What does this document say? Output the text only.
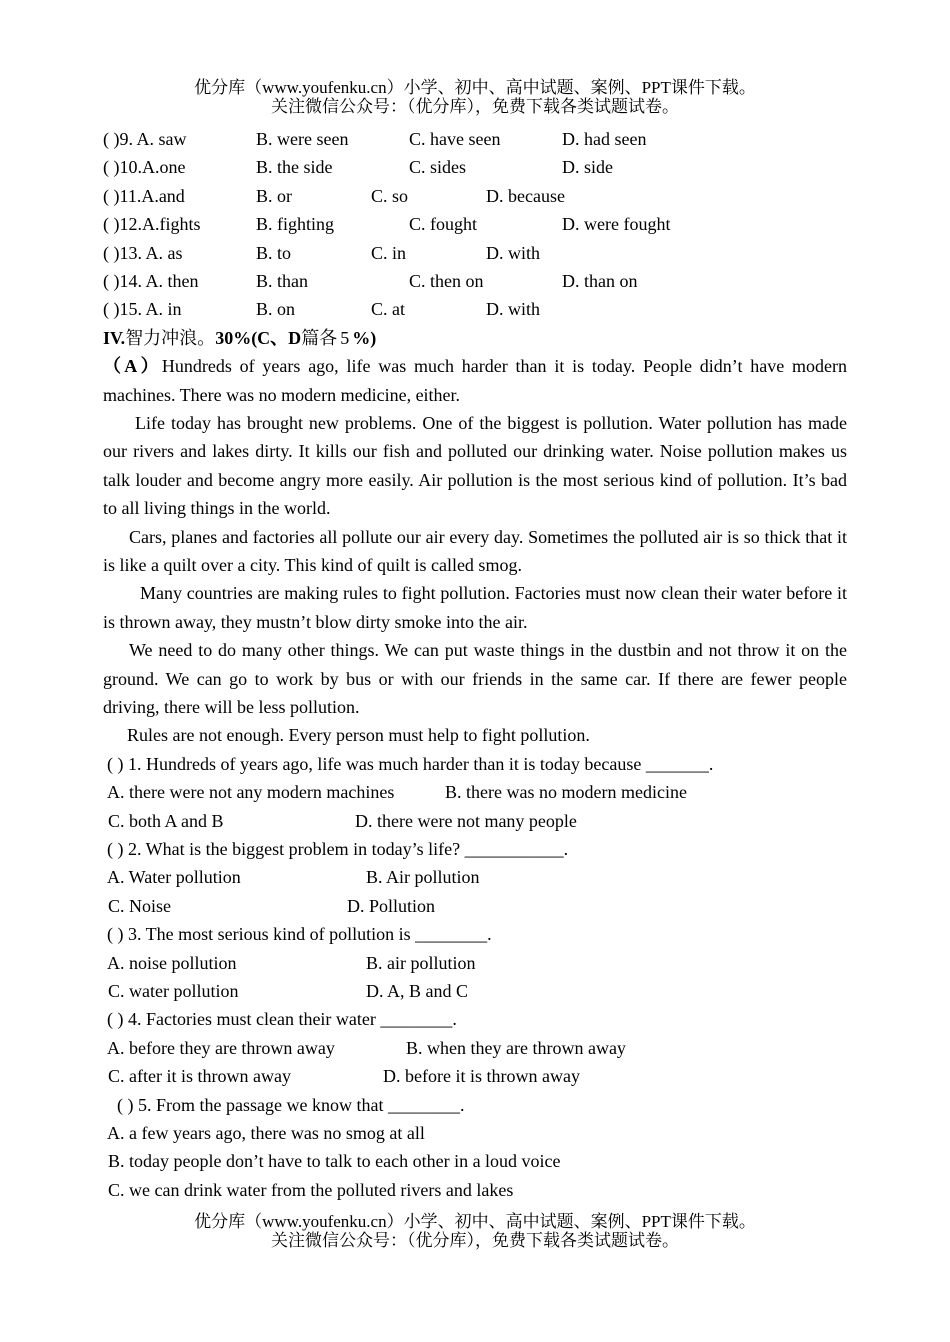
优分库（www.youfenku.cn）小学、初中、高中试题、案例、PPT课件下载。
关注微信公众号：（优分库），免费下载各类试题试卷。
( )9. A. saw	B. were seen	C. have seen	D. had seen
( )10.A.one	B. the side	C. sides	D. side
( )11.A.and	B. or	C. so	D. because
( )12.A.fights	B. fighting	C. fought	D. were fought
( )13. A. as	B. to	C. in	D. with
( )14. A. then	B. than	C. then on	D. than on
( )15. A. in	B. on	C. at	D. with
IV.智力冲浪。30%(C、D篇各 5 %)

（A）Hundreds of years ago, life was much harder than it is today. People didn’t have modern machines. There was no modern medicine, either.

Life today has brought new problems. One of the biggest is pollution. Water pollution has made our rivers and lakes dirty. It kills our fish and polluted our drinking water. Noise pollution makes us talk louder and become angry more easily. Air pollution is the most serious kind of pollution. It’s bad to all living things in the world.

Cars, planes and factories all pollute our air every day. Sometimes the polluted air is so thick that it is like a quilt over a city. This kind of quilt is called smog.

Many countries are making rules to fight pollution. Factories must now clean their water before it is thrown away, they mustn’t blow dirty smoke into the air.

We need to do many other things. We can put waste things in the dustbin and not throw it on the ground. We can go to work by bus or with our friends in the same car. If there are fewer people driving, there will be less pollution.

Rules are not enough. Every person must help to fight pollution.

( ) 1. Hundreds of years ago, life was much harder than it is today because _______.
A. there were not any modern machines	B. there was no modern medicine
C. both A and B	D. there were not many people
( ) 2. What is the biggest problem in today’s life? ___________.
A. Water pollution	B. Air pollution
C. Noise	D. Pollution
( ) 3. The most serious kind of pollution is ________.
A. noise pollution	B. air pollution
C. water pollution	D. A, B and C
( ) 4. Factories must clean their water ________.
A. before they are thrown away	B. when they are thrown away
C. after it is thrown away	D. before it is thrown away
( ) 5. From the passage we know that ________.
A. a few years ago, there was no smog at all
B. today people don’t have to talk to each other in a loud voice
C. we can drink water from the polluted rivers and lakes
优分库（www.youfenku.cn）小学、初中、高中试题、案例、PPT课件下载。
关注微信公众号：（优分库），免费下载各类试题试卷。
